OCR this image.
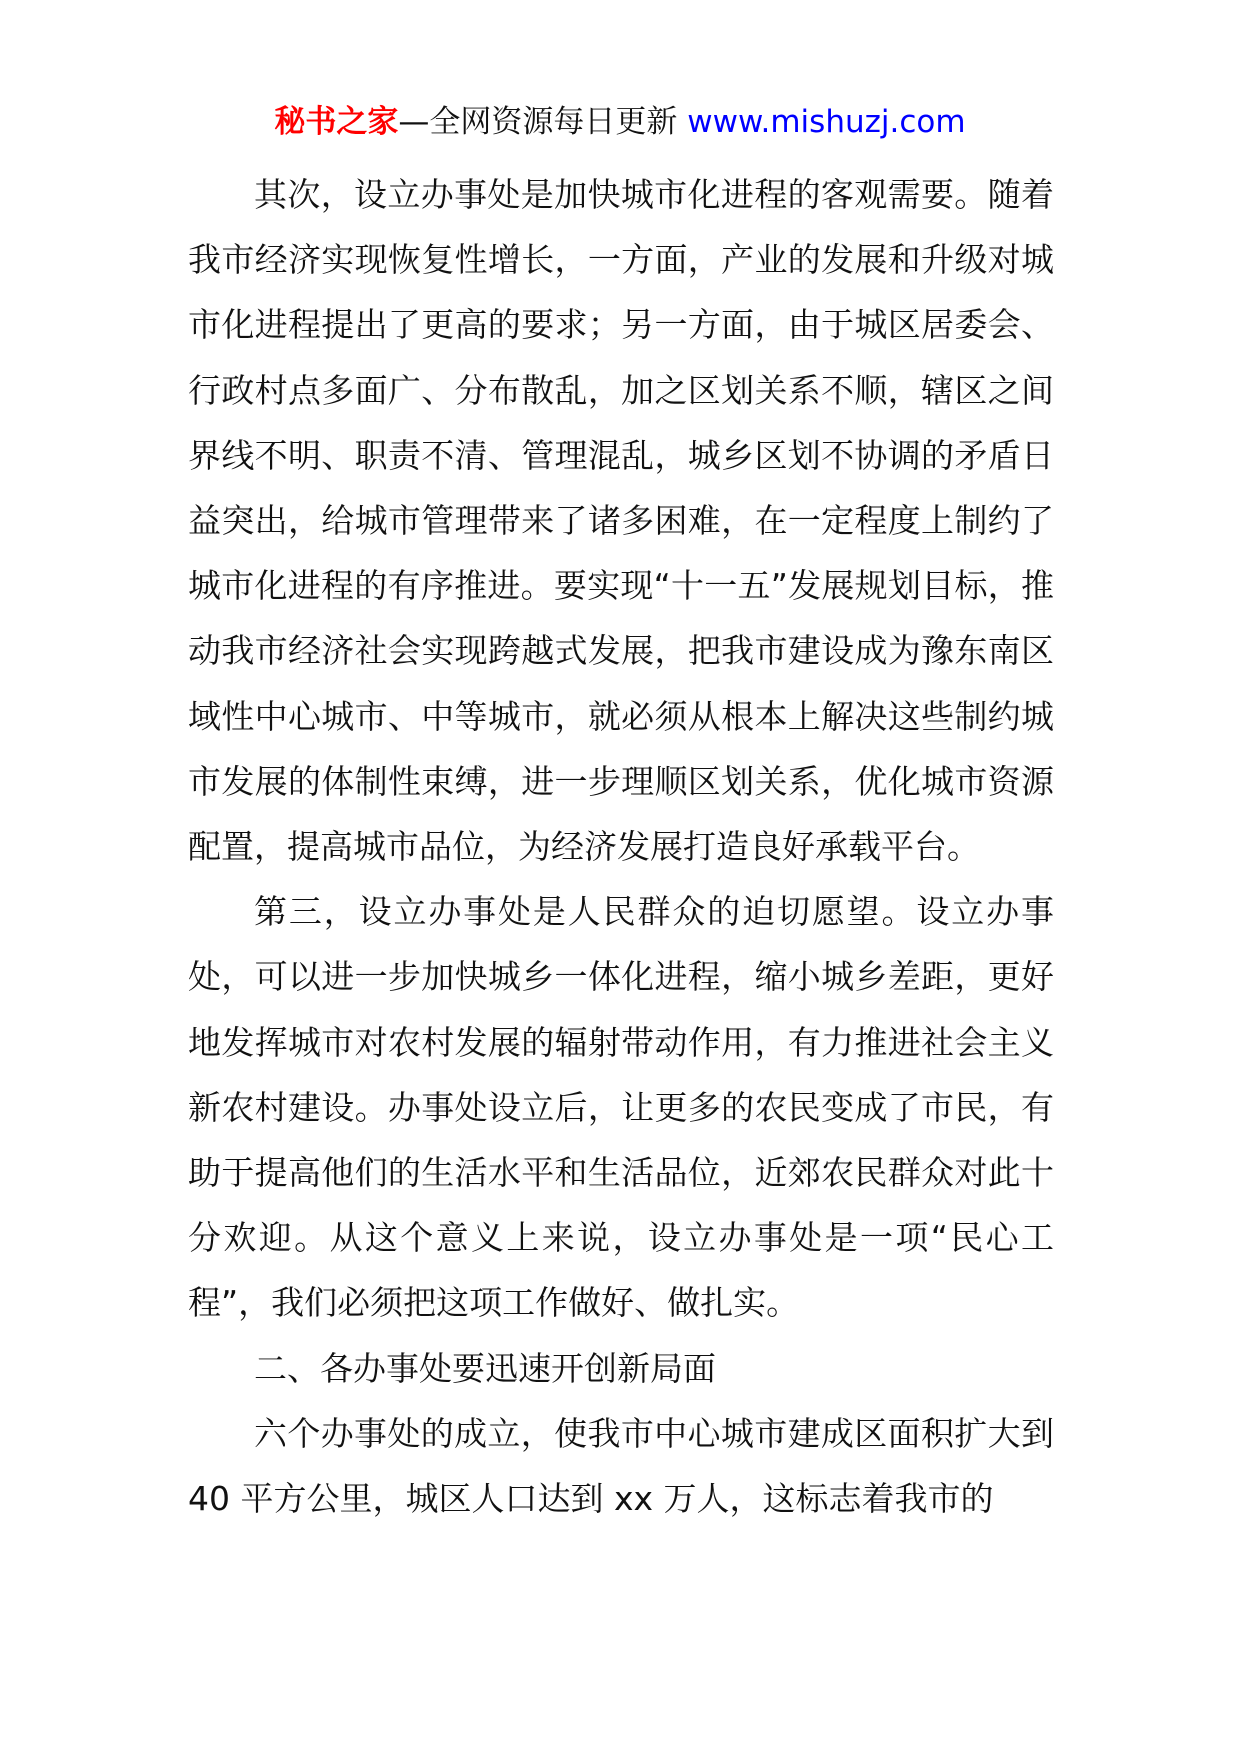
秘书之家—全网资源每日更新 www.mishuzj.com

其次，设立办事处是加快城市化进程的客观需要。随着我市经济实现恢复性增长，一方面，产业的发展和升级对城市化进程提出了更高的要求；另一方面，由于城区居委会、行政村点多面广、分布散乱，加之区划关系不顺，辖区之间界线不明、职责不清、管理混乱，城乡区划不协调的矛盾日益突出，给城市管理带来了诸多困难，在一定程度上制约了城市化进程的有序推进。要实现“十一五”发展规划目标，推动我市经济社会实现跨越式发展，把我市建设成为豫东南区域性中心城市、中等城市，就必须从根本上解决这些制约城市发展的体制性束缚，进一步理顺区划关系，优化城市资源配置，提高城市品位，为经济发展打造良好承载平台。

第三，设立办事处是人民群众的迫切愿望。设立办事处，可以进一步加快城乡一体化进程，缩小城乡差距，更好地发挥城市对农村发展的辐射带动作用，有力推进社会主义新农村建设。办事处设立后，让更多的农民变成了市民，有助于提高他们的生活水平和生活品位，近郊农民群众对此十分欢迎。从这个意义上来说，设立办事处是一项“民心工程”，我们必须把这项工作做好、做扎实。

二、各办事处要迅速开创新局面

六个办事处的成立，使我市中心城市建成区面积扩大到 40 平方公里，城区人口达到 xx 万人，这标志着我市的
